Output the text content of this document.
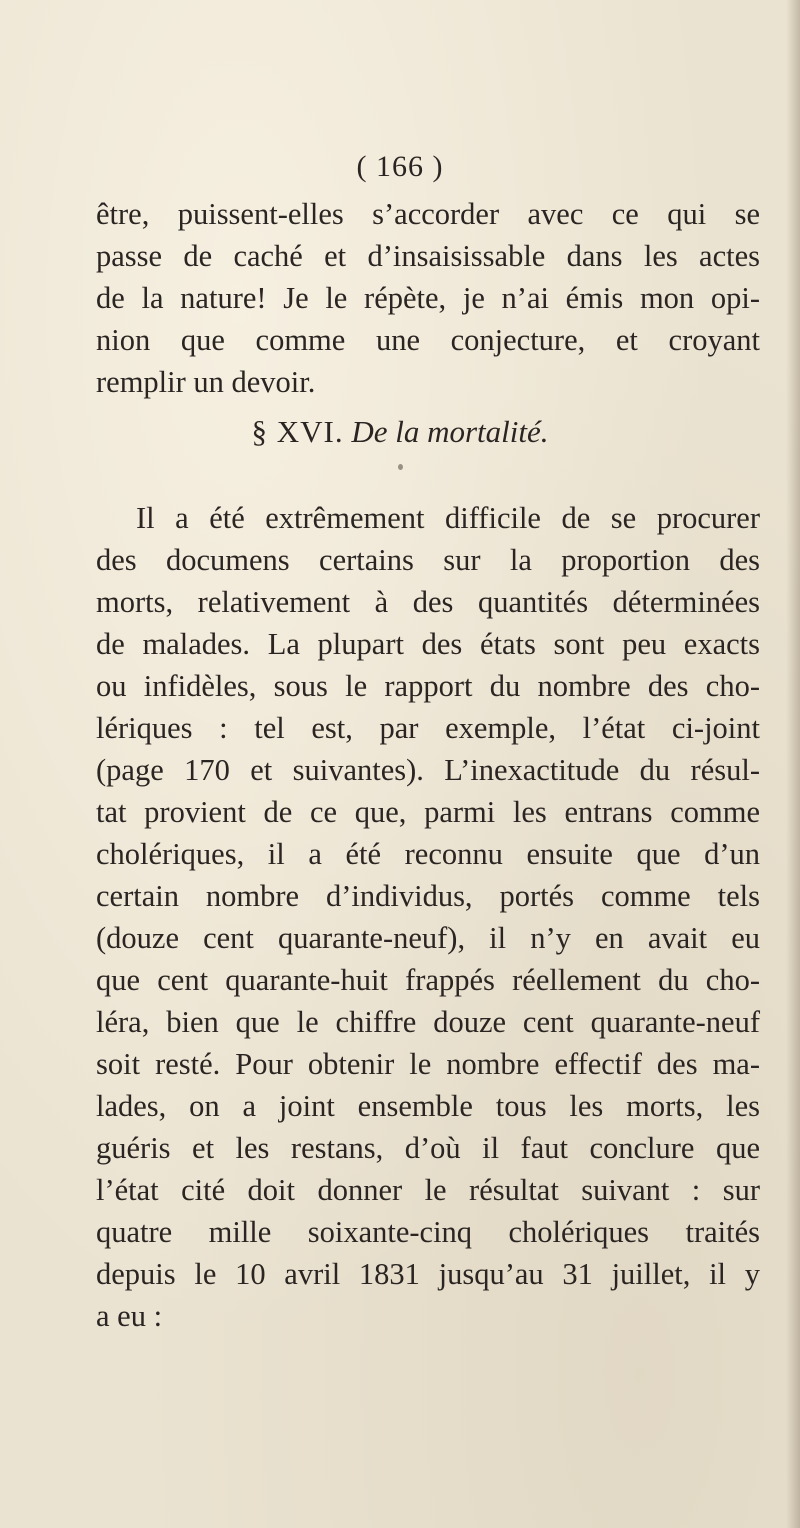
( 166 )
être, puissent-elles s’accorder avec ce qui se
passe de caché et d’insaisissable dans les actes
de la nature! Je le répète, je n’ai émis mon opi-
nion que comme une conjecture, et croyant
remplir un devoir.
§ XVI. De la mortalité.
Il a été extrêmement difficile de se procurer
des documens certains sur la proportion des
morts, relativement à des quantités déterminées
de malades. La plupart des états sont peu exacts
ou infidèles, sous le rapport du nombre des cho-
lériques : tel est, par exemple, l’état ci-joint
(page 170 et suivantes). L’inexactitude du résul-
tat provient de ce que, parmi les entrans comme
cholériques, il a été reconnu ensuite que d’un
certain nombre d’individus, portés comme tels
(douze cent quarante-neuf), il n’y en avait eu
que cent quarante-huit frappés réellement du cho-
léra, bien que le chiffre douze cent quarante-neuf
soit resté. Pour obtenir le nombre effectif des ma-
lades, on a joint ensemble tous les morts, les
guéris et les restans, d’où il faut conclure que
l’état cité doit donner le résultat suivant : sur
quatre mille soixante-cinq cholériques traités
depuis le 10 avril 1831 jusqu’au 31 juillet, il y
a eu :
